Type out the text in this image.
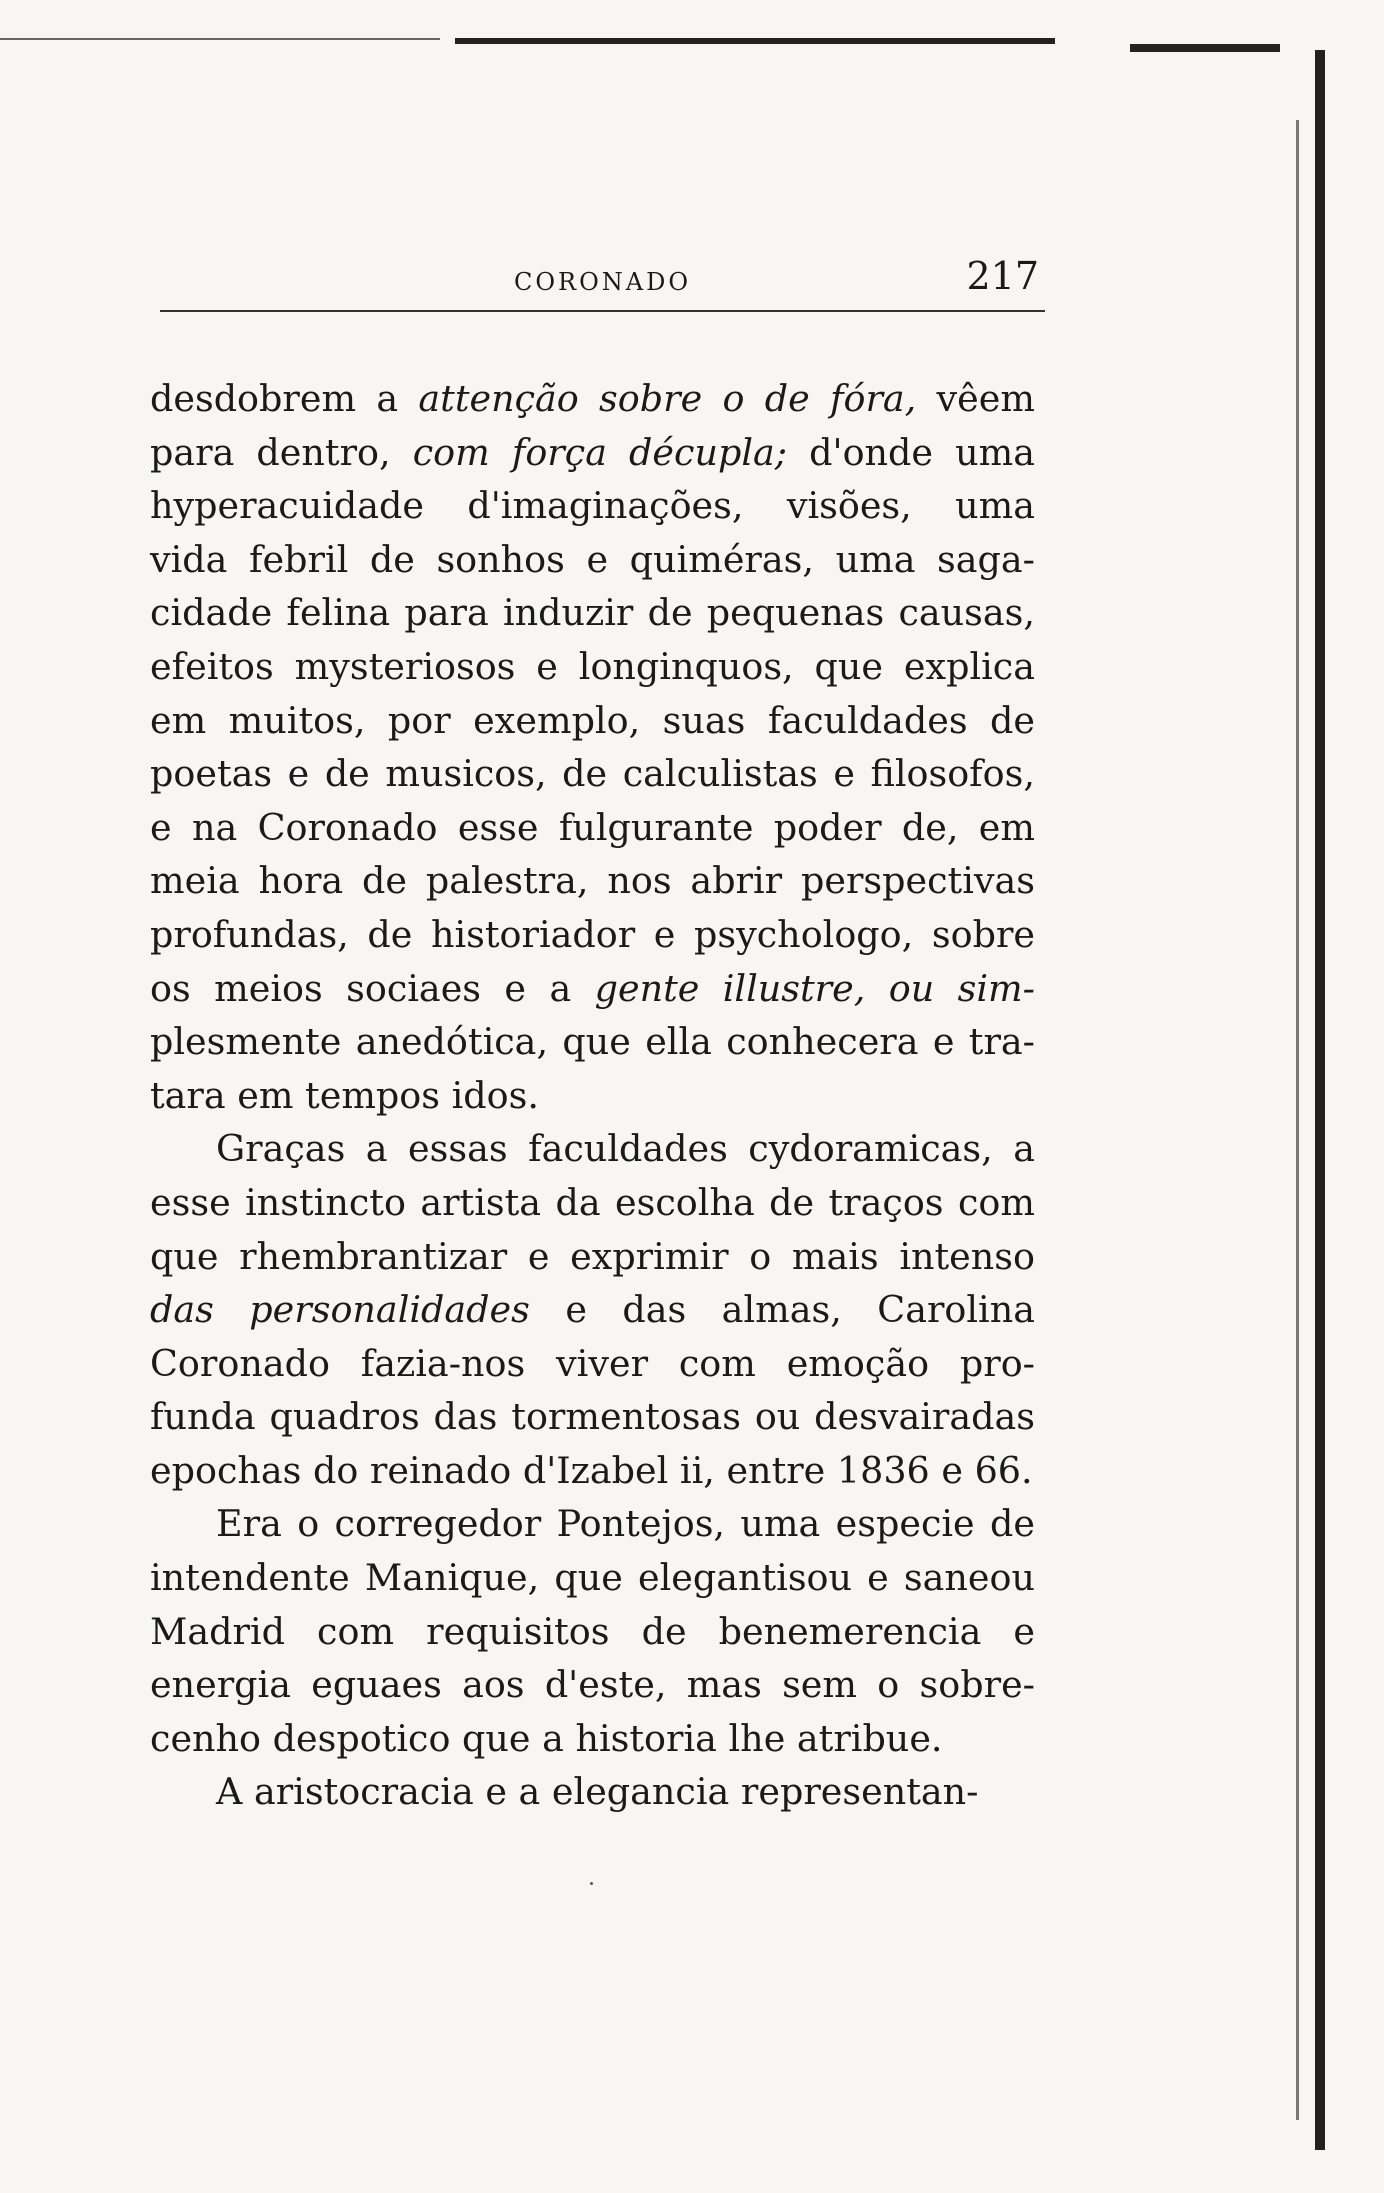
CORONADO	217
desdobrem a attenção sobre o de fóra, vêem
para dentro, com força décupla; d'onde uma
hyperacuidade d'imaginações, visões, uma
vida febril de sonhos e quiméras, uma saga-
cidade felina para induzir de pequenas causas,
efeitos mysteriosos e longinquos, que explica
em muitos, por exemplo, suas faculdades de
poetas e de musicos, de calculistas e filosofos,
e na Coronado esse fulgurante poder de, em
meia hora de palestra, nos abrir perspectivas
profundas, de historiador e psychologo, sobre
os meios sociaes e a gente illustre, ou sim-
plesmente anedótica, que ella conhecera e tra-
tara em tempos idos.
Graças a essas faculdades cydoramicas, a
esse instincto artista da escolha de traços com
que rhembrantizar e exprimir o mais intenso
das personalidades e das almas, Carolina
Coronado fazia-nos viver com emoção pro-
funda quadros das tormentosas ou desvairadas
epochas do reinado d'Izabel ii, entre 1836 e 66.
Era o corregedor Pontejos, uma especie de
intendente Manique, que elegantisou e saneou
Madrid com requisitos de benemerencia e
energia eguaes aos d'este, mas sem o sobre-
cenho despotico que a historia lhe atribue.
A aristocracia e a elegancia representan-
